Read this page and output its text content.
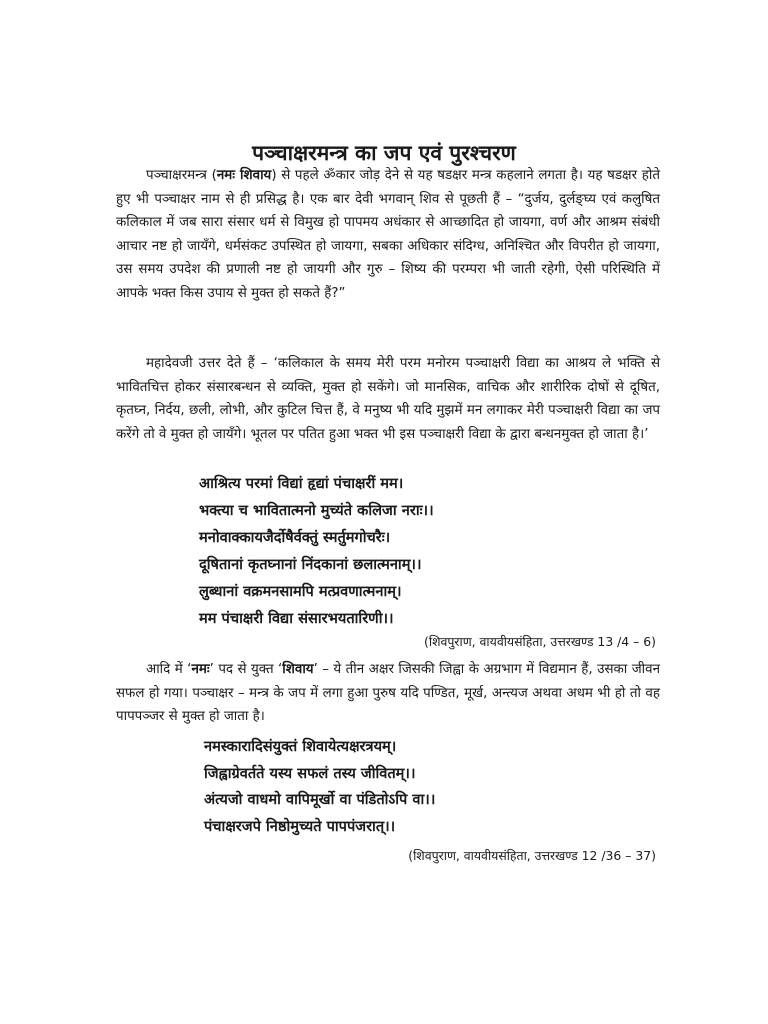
पञ्चाक्षरमन्त्र का जप एवं पुरश्चरण

पञ्चाक्षरमन्त्र (नमः शिवाय) से पहले ॐकार जोड़ देने से यह षडक्षर मन्त्र कहलाने लगता है। यह षडक्षर होते हुए भी पञ्चाक्षर नाम से ही प्रसिद्ध है। एक बार देवी भगवान् शिव से पूछती हैं – “दुर्जय, दुर्लङ्घ्य एवं कलुषित कलिकाल में जब सारा संसार धर्म से विमुख हो पापमय अधंकार से आच्छादित हो जायगा, वर्ण और आश्रम संबंधी आचार नष्ट हो जायँगे, धर्मसंकट उपस्थित हो जायगा, सबका अधिकार संदिग्ध, अनिश्चित और विपरीत हो जायगा, उस समय उपदेश की प्रणाली नष्ट हो जायगी और गुरु – शिष्य की परम्परा भी जाती रहेगी, ऐसी परिस्थिति में आपके भक्त किस उपाय से मुक्त हो सकते हैं?”

महादेवजी उत्तर देते हैं – ‘कलिकाल के समय मेरी परम मनोरम पञ्चाक्षरी विद्या का आश्रय ले भक्ति से भावितचित्त होकर संसारबन्धन से व्यक्ति, मुक्त हो सकेंगे। जो मानसिक, वाचिक और शारीरिक दोषों से दूषित, कृतघ्न, निर्दय, छली, लोभी, और कुटिल चित्त हैं, वे मनुष्य भी यदि मुझमें मन लगाकर मेरी पञ्चाक्षरी विद्या का जप करेंगे तो वे मुक्त हो जायँगे। भूतल पर पतित हुआ भक्त भी इस पञ्चाक्षरी विद्या के द्वारा बन्धनमुक्त हो जाता है।’

आश्रित्य परमां विद्यां हृद्यां पंचाक्षरीं मम।
भक्त्या च भावितात्मनो मुच्यंते कलिजा नराः।।
मनोवाक्कायजैर्दोषैर्वक्तुं स्मर्तुमगोचरैः।
दूषितानां कृतघ्नानां निंदकानां छलात्मनाम्।।
लुब्धानां वक्रमनसामपि मत्प्रवणात्मनाम्।
मम पंचाक्षरी विद्या संसारभयतारिणी।।
(शिवपुराण, वायवीयसंहिता, उत्तरखण्ड 13 /4 – 6)

आदि में ‘नमः’ पद से युक्त ‘शिवाय’ – ये तीन अक्षर जिसकी जिह्वा के अग्रभाग में विद्यमान हैं, उसका जीवन सफल हो गया। पञ्चाक्षर – मन्त्र के जप में लगा हुआ पुरुष यदि पण्डित, मूर्ख, अन्त्यज अथवा अधम भी हो तो वह पापपञ्जर से मुक्त हो जाता है।

नमस्कारादिसंयुक्तं शिवायेत्यक्षरत्रयम्।
जिह्वाग्रेवर्तते यस्य सफलं तस्य जीवितम्।।
अंत्यजो वाधमो वापिमूर्खो वा पंडितोऽपि वा।।
पंचाक्षरजपे निष्ठोमुच्यते पापपंजरात्।।
(शिवपुराण, वायवीयसंहिता, उत्तरखण्ड 12 /36 – 37)
